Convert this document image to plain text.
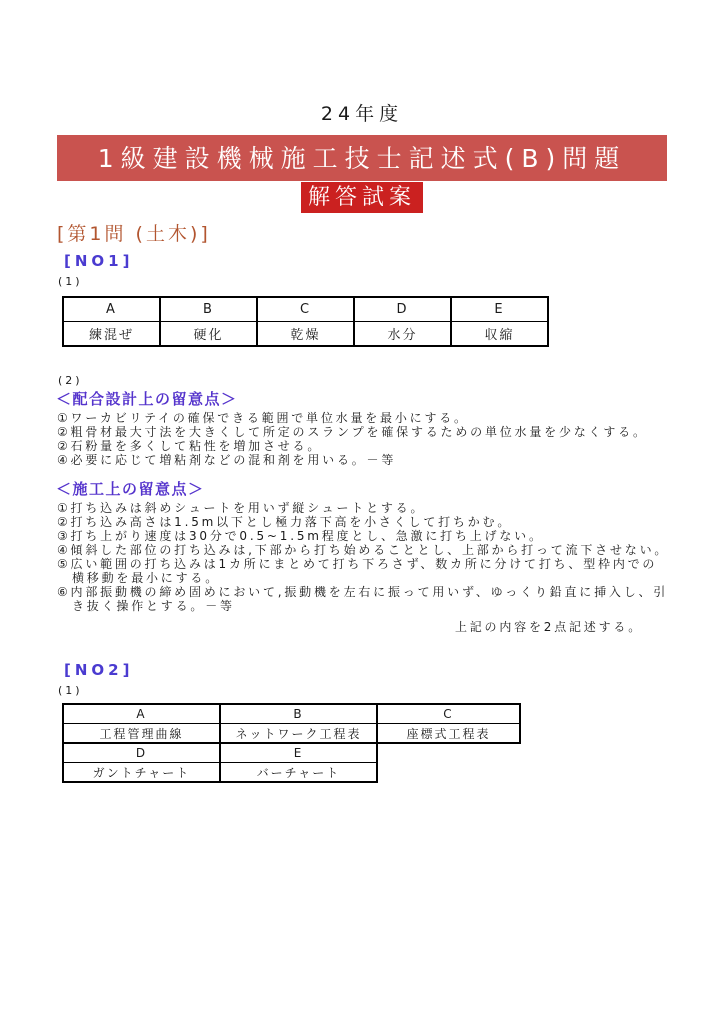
24年度
1級建設機械施工技士記述式(B)問題
解答試案
[第1問 (土木)]
[NO1]
(1)
A	B	C	D	E
練混ぜ	硬化	乾燥	水分	収縮
(2)
＜配合設計上の留意点＞
①ワーカビリテイの確保できる範囲で単位水量を最小にする。
②粗骨材最大寸法を大きくして所定のスランプを確保するための単位水量を少なくする。
②石粉量を多くして粘性を増加させる。
④必要に応じて増粘剤などの混和剤を用いる。－等
＜施工上の留意点＞
①打ち込みは斜めシュートを用いず縦シュートとする。
②打ち込み高さは1.5m以下とし極力落下高を小さくして打ちかむ。
③打ち上がり速度は30分で0.5~1.5m程度とし、急激に打ち上げない。
④傾斜した部位の打ち込みは,下部から打ち始めることとし、上部から打って流下させない。
⑤広い範囲の打ち込みは1カ所にまとめて打ち下ろさず、数カ所に分けて打ち、型枠内での横移動を最小にする。
⑥内部振動機の締め固めにおいて,振動機を左右に振って用いず、ゆっくり鉛直に挿入し、引き抜く操作とする。－等
上記の内容を2点記述する。
[NO2]
(1)
A	B	C
工程管理曲線	ネットワーク工程表	座標式工程表
D	E
ガントチャート	バーチャート
